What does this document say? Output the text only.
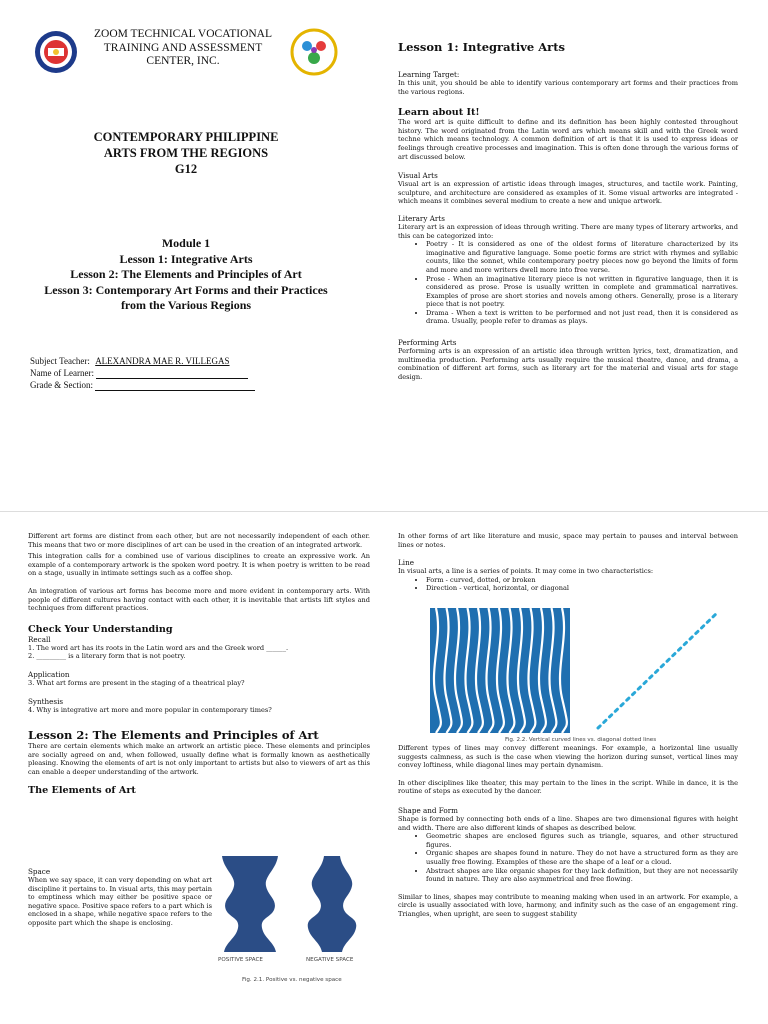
ZOOM TECHNICAL VOCATIONAL
TRAINING AND ASSESSMENT
CENTER, INC.
CONTEMPORARY PHILIPPINE
ARTS FROM THE REGIONS
G12
Module 1
Lesson 1: Integrative Arts
Lesson 2: The Elements and Principles of Art
Lesson 3: Contemporary Art Forms and their Practices
from the Various Regions
Subject Teacher: ALEXANDRA MAE R. VILLEGAS
Name of Learner:
Grade & Section:
Lesson 1: Integrative Arts
Learning Target:

In this unit, you should be able to identify various contemporary art forms and their practices from the various regions.

Learn about It!

The word art is quite difficult to define and its definition has been highly contested throughout history. The word originated from the Latin word ars which means skill and with the Greek word techne which means technology. A common definition of art is that it is used to express ideas or feelings through creative processes and imagination. This is often done through the various forms of art discussed below.

Visual Arts

Visual art is an expression of artistic ideas through images, structures, and tactile work. Painting, sculpture, and architecture are considered as examples of it. Some visual artworks are integrated - which means it combines several medium to create a new and unique artwork.

Literary Arts

Literary art is an expression of ideas through writing. There are many types of literary artworks, and this can be categorized into:

• Poetry - It is considered as one of the oldest forms of literature characterized by its imaginative and figurative language. Some poetic forms are strict with rhymes and syllabic counts, like the sonnet, while contemporary poetry pieces now go beyond the limits of form and more and more writers dwell more into free verse.
• Prose - When an imaginative literary piece is not written in figurative language, then it is considered as prose. Prose is usually written in complete and grammatical narratives. Examples of prose are short stories and novels among others. Generally, prose is a literary piece that is not poetry.
• Drama - When a text is written to be performed and not just read, then it is considered as drama. Usually, people refer to dramas as plays.
Performing Arts

Performing arts is an expression of an artistic idea through written lyrics, text, dramatization, and multimedia production. Performing arts usually require the musical theatre, dance, and drama, a combination of different art forms, such as literary art for the material and visual arts for stage design.

Different art forms are distinct from each other, but are not necessarily independent of each other. This means that two or more disciplines of art can be used in the creation of an integrated artwork.

This integration calls for a combined use of various disciplines to create an expressive work. An example of a contemporary artwork is the spoken word poetry. It is when poetry is written to be read on a stage, usually in intimate settings such as a coffee shop.

An integration of various art forms has become more and more evident in contemporary arts. With people of different cultures having contact with each other, it is inevitable that artists lift styles and techniques from different practices.

Check Your Understanding
Recall

1. The word art has its roots in the Latin word ars and the Greek word ______.

2. _________ is a literary form that is not poetry.

Application

3. What art forms are present in the staging of a theatrical play?

Synthesis

4. Why is integrative art more and more popular in contemporary times?

Lesson 2: The Elements and Principles of Art

There are certain elements which make an artwork an artistic piece. These elements and principles are socially agreed on and, when followed, usually define what is formally known as aesthetically pleasing. Knowing the elements of art is not only important to artists but also to viewers of art as this can enable a deeper understanding of the artwork.

The Elements of Art
Space

When we say space, it can very depending on what art discipline it pertains to. In visual arts, this may pertain to emptiness which may either be positive space or negative space. Positive space refers to a part which is enclosed in a shape, while negative space refers to the opposite part which the shape is enclosing.

POSITIVE SPACE	NEGATIVE SPACE
Fig. 2.1. Positive vs. negative space

In other forms of art like literature and music, space may pertain to pauses and interval between lines or notes.

Line

In visual arts, a line is a series of points. It may come in two characteristics:

• Form - curved, dotted, or broken
• Direction - vertical, horizontal, or diagonal
Fig. 2.2. Vertical curved lines vs. diagonal dotted lines

Different types of lines may convey different meanings. For example, a horizontal line usually suggests calmness, as such is the case when viewing the horizon during sunset, vertical lines may convey loftiness, while diagonal lines may pertain dynamism.

In other disciplines like theater, this may pertain to the lines in the script. While in dance, it is the routine of steps as executed by the dancer.

Shape and Form

Shape is formed by connecting both ends of a line. Shapes are two dimensional figures with height and width. There are also different kinds of shapes as described below.

• Geometric shapes are enclosed figures such as triangle, squares, and other structured figures.
• Organic shapes are shapes found in nature. They do not have a structured form as they are usually free flowing. Examples of these are the shape of a leaf or a cloud.
• Abstract shapes are like organic shapes for they lack definition, but they are not necessarily found in nature. They are also asymmetrical and free flowing.

Similar to lines, shapes may contribute to meaning making when used in an artwork. For example, a circle is usually associated with love, harmony, and infinity such as the case of an engagement ring. Triangles, when upright, are seen to suggest stability
